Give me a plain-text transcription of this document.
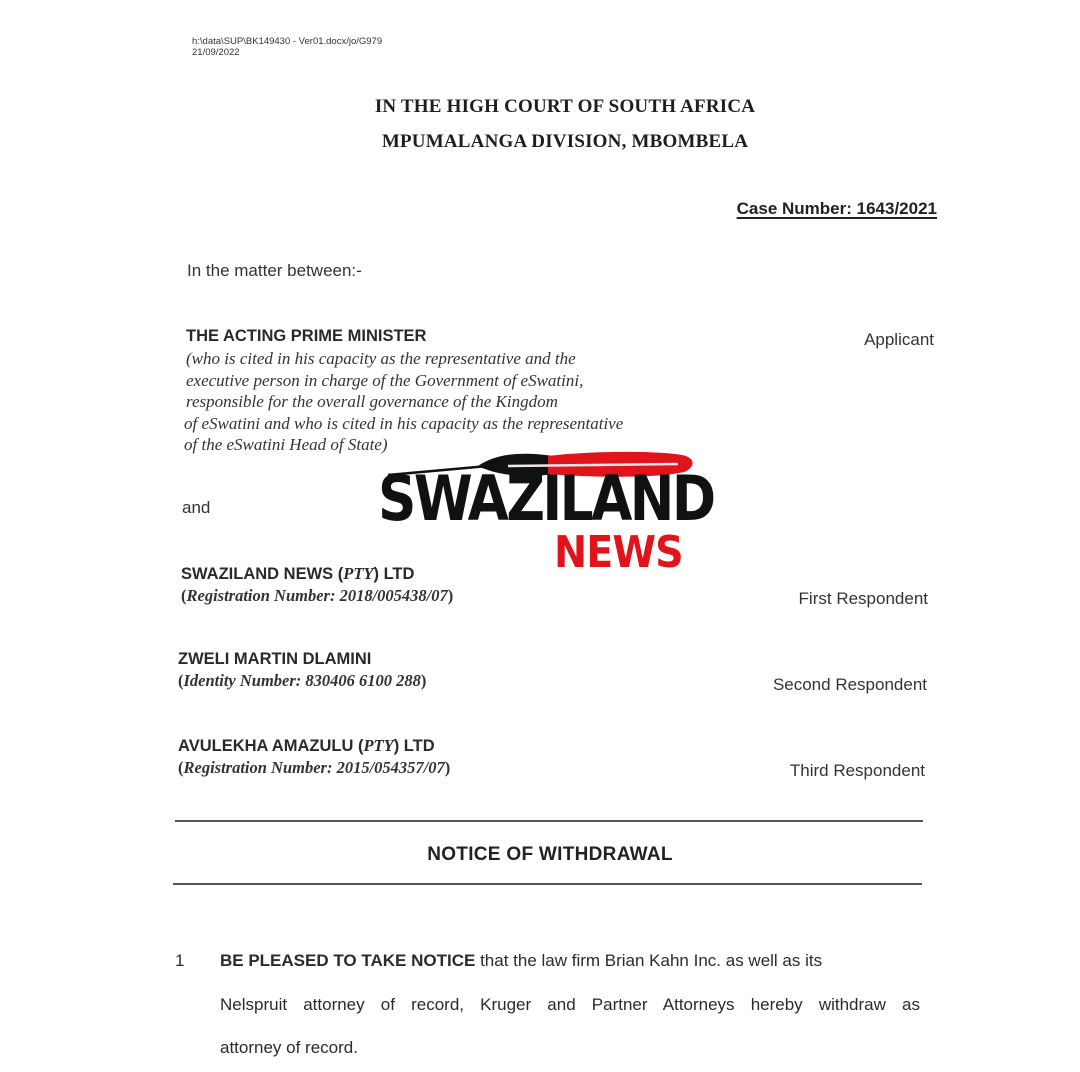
h:\data\SUP\BK149430 - Ver01.docx/jo/G979
21/09/2022
IN THE HIGH COURT OF SOUTH AFRICA
MPUMALANGA DIVISION, MBOMBELA
Case Number: 1643/2021
In the matter between:-
THE ACTING PRIME MINISTER
(who is cited in his capacity as the representative and the
executive person in charge of the Government of eSwatini,
responsible for the overall governance of the Kingdom
of eSwatini and who is cited in his capacity as the representative
of the eSwatini Head of State)
Applicant
and	SWAZILAND
NEWS
SWAZILAND NEWS (PTY) LTD
(Registration Number: 2018/005438/07)	First Respondent
ZWELI MARTIN DLAMINI
(Identity Number: 830406 6100 288)	Second Respondent
AVULEKHA AMAZULU (PTY) LTD
(Registration Number: 2015/054357/07)	Third Respondent
NOTICE OF WITHDRAWAL
1 BE PLEASED TO TAKE NOTICE that the law firm Brian Kahn Inc. as well as its
Nelspruit attorney of record, Kruger and Partner Attorneys hereby withdraw as
attorney of record.
